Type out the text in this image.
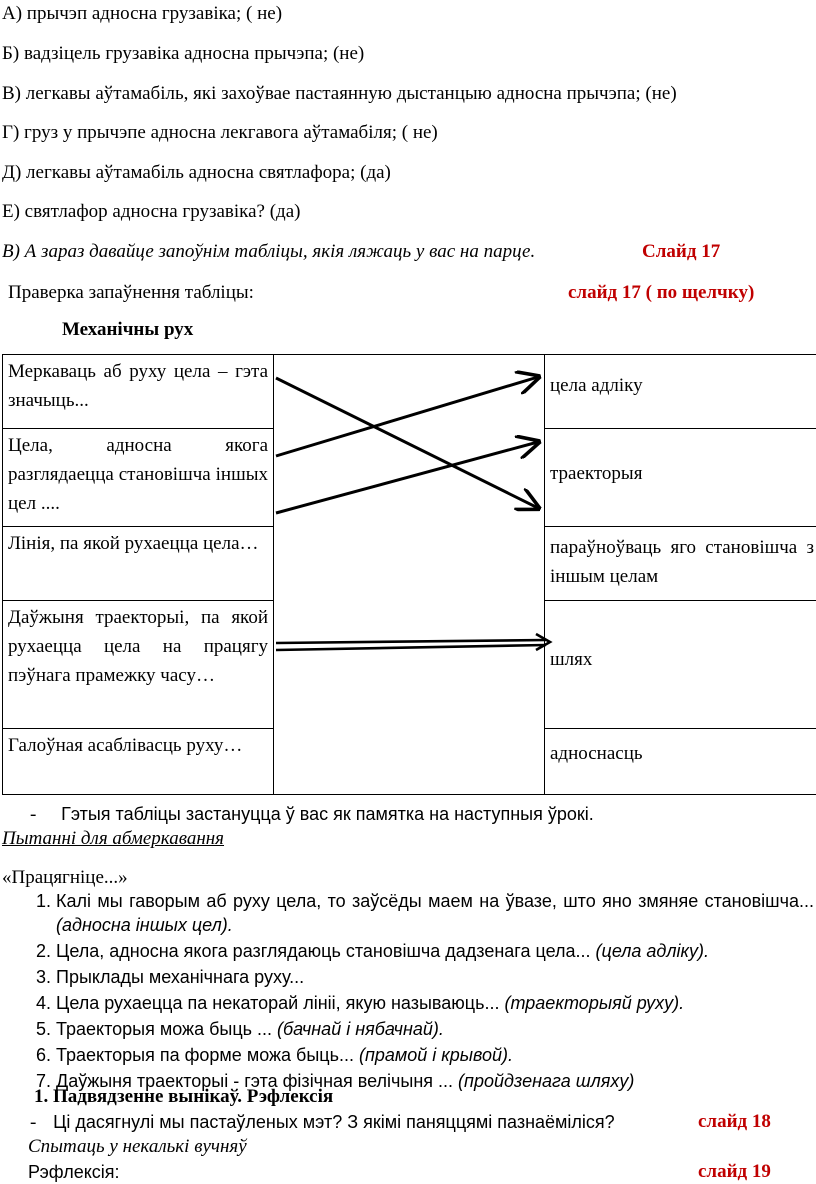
А) прычэп адносна грузавіка; ( не)
Б) вадзіцель грузавіка адносна прычэпа; (не)
В) легкавы аўтамабіль, які захоўвае пастаянную дыстанцыю адносна прычэпа; (не)
Г) груз у прычэпе адносна лекгавога аўтамабіля; ( не)
Д) легкавы аўтамабіль адносна святлафора; (да)
Е) святлафор адносна грузавіка? (да)
В) А зараз давайце запоўнім табліцы, якія ляжаць у вас на парце.	Слайд 17
Праверка запаўнення табліцы:	слайд 17 ( по щелчку)
Механічны рух
Меркаваць аб руху цела – гэта значыць...		цела адліку

Цела, адносна якога разглядаецца становішча іншых цел ....		траекторыя

Лінія, па якой рухаецца цела…		параўноўваць яго становішча з іншым целам

Даўжыня траекторыі, па якой рухаецца цела на працягу пэўнага прамежку часу…		шлях

Галоўная асаблівасць руху…		адноснасць
- Гэтыя табліцы застануцца ў вас як памятка на наступныя ўрокі.
Пытанні для абмеркавання
«Працягніце...»
1. Калі мы гаворым аб руху цела, то заўсёды маем на ўвазе, што яно змяняе становішча... (адносна іншых цел).
2. Цела, адносна якога разглядаюць становішча дадзенага цела... (цела адліку).
3. Прыклады механічнага руху...
4. Цела рухаецца па некаторай лініі, якую называюць... (траекторыяй руху).
5. Траекторыя можа быць ... (бачнай і нябачнай).
6. Траекторыя па форме можа быць... (прамой і крывой).
7. Даўжыня траекторыі - гэта фізічная велічыня ... (пройдзенага шляху)
1. Падвядзенне вынікаў. Рэфлексія
- Ці дасягнулі мы пастаўленых мэт? З якімі паняццямі пазнаёміліся?	слайд 18
Спытаць у некалькі вучняў
Рэфлексія:	слайд 19
